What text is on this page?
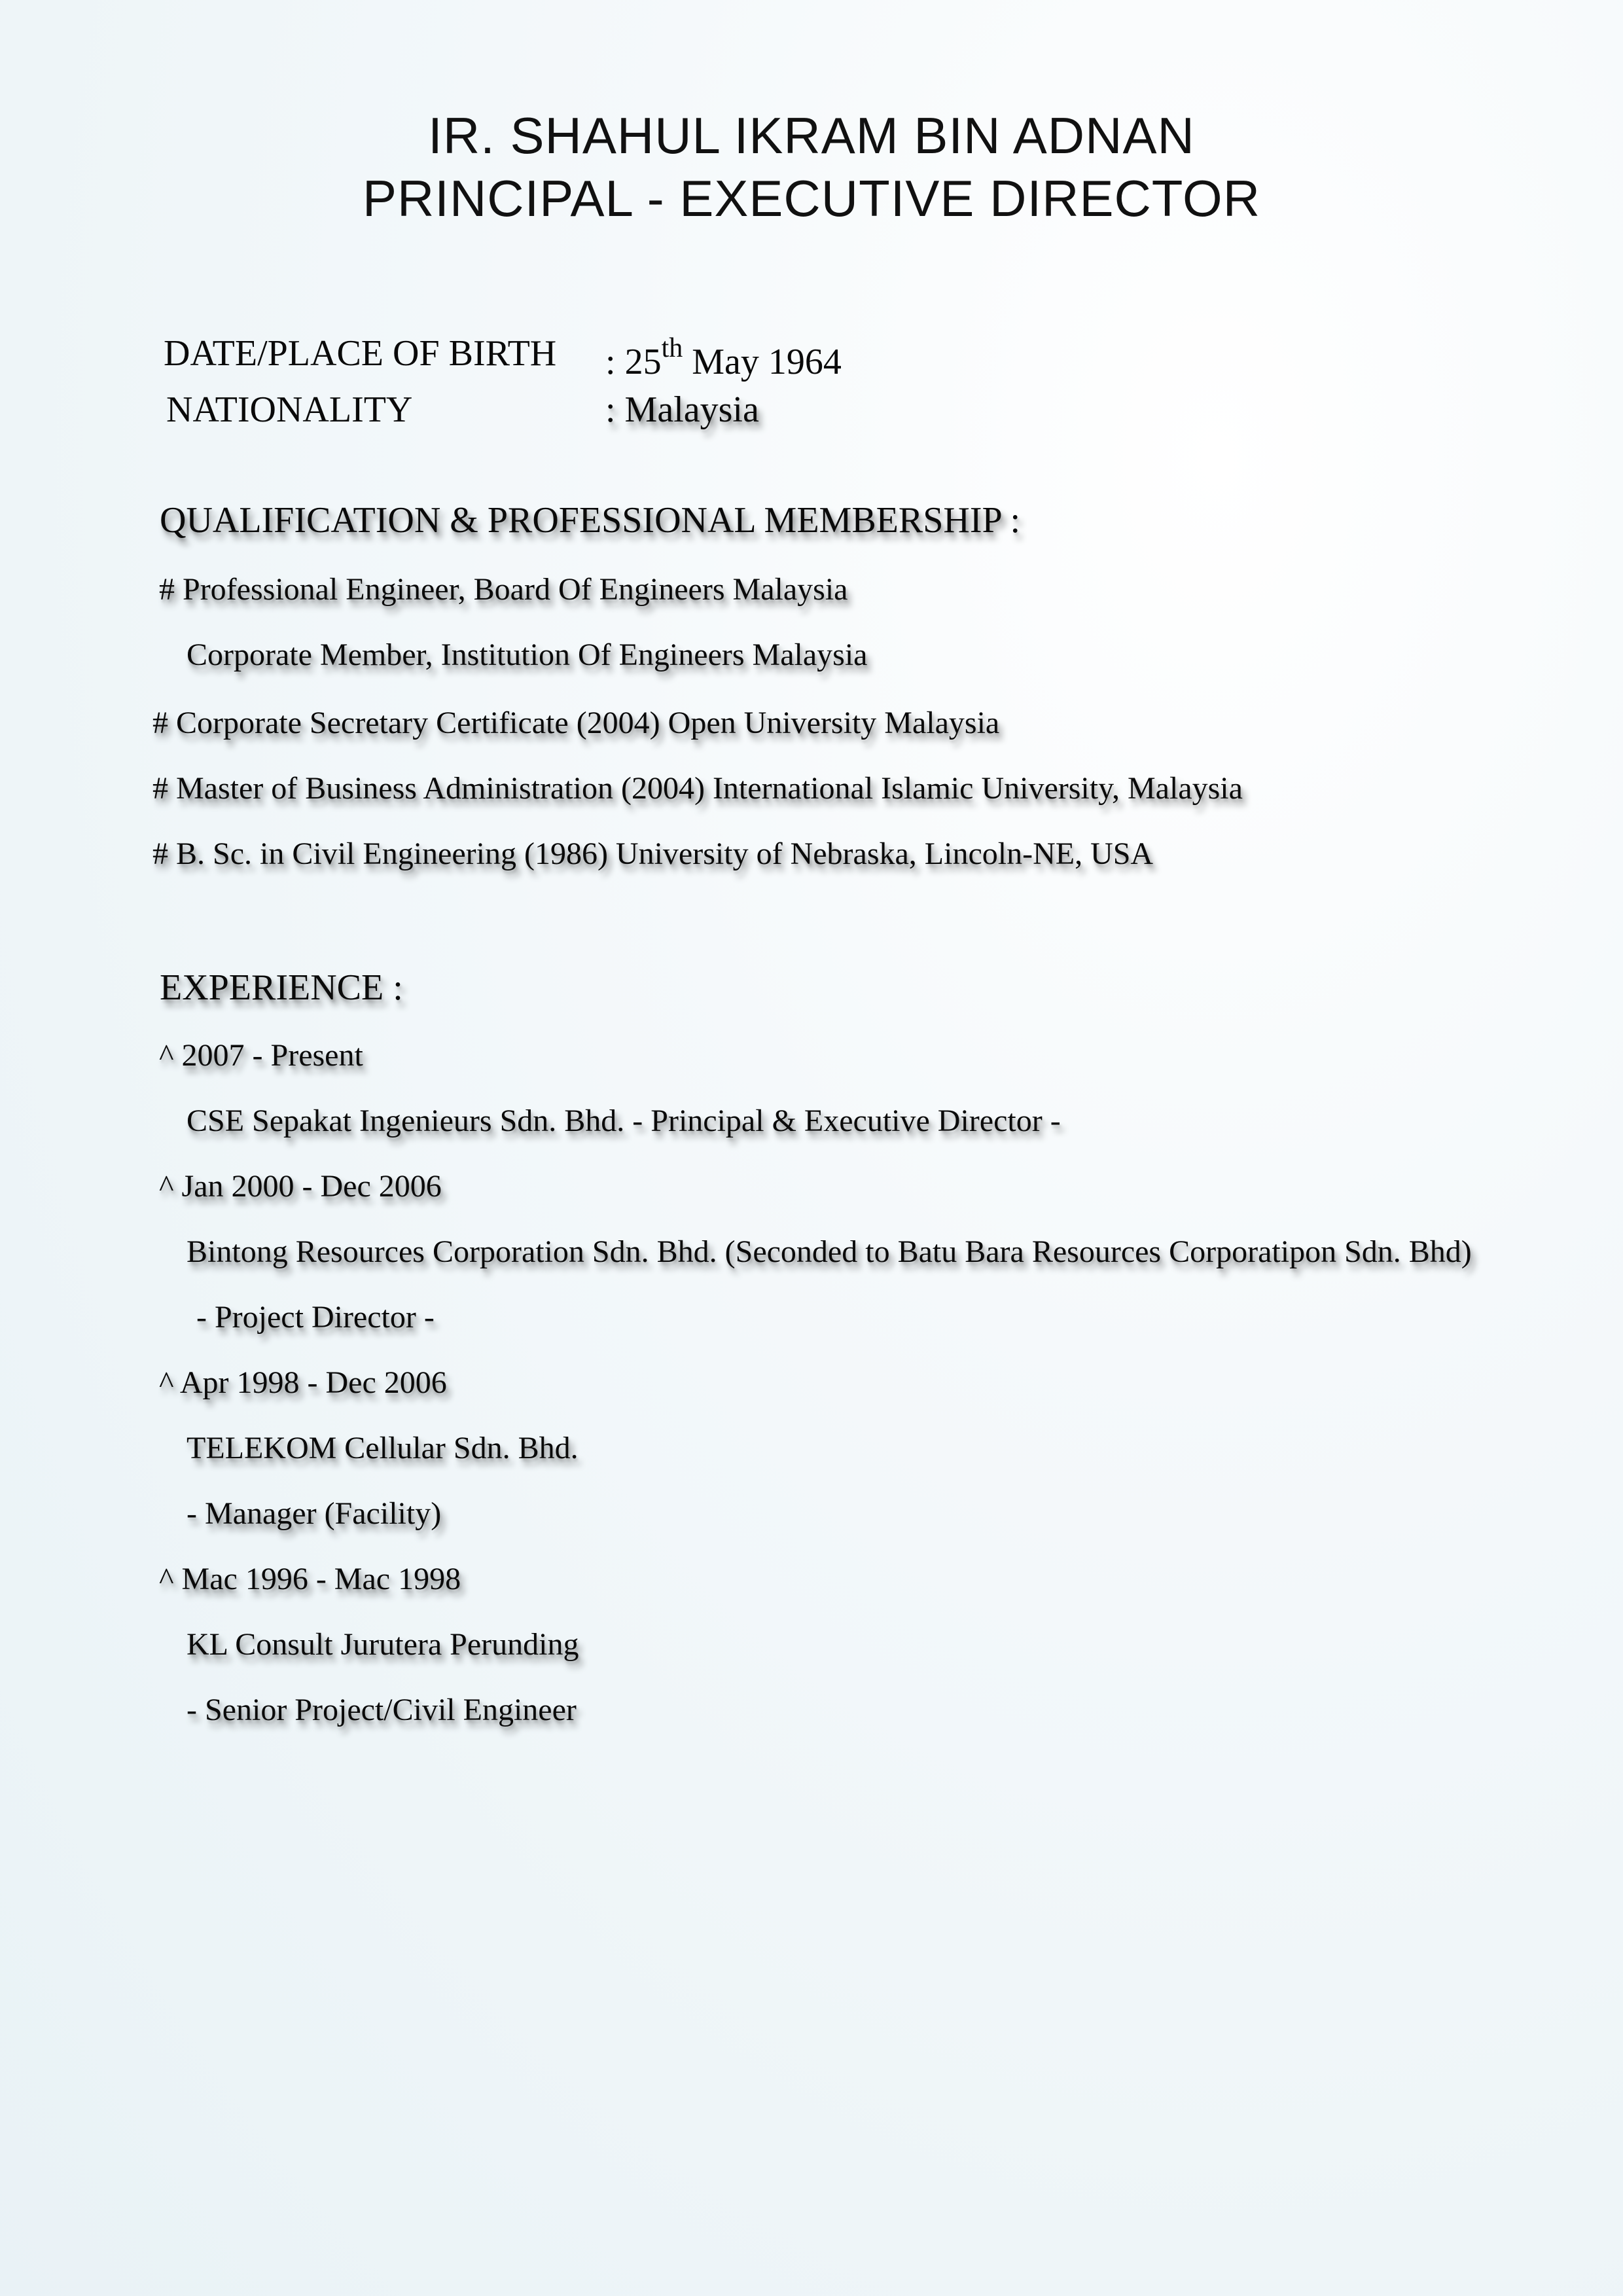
IR. SHAHUL IKRAM BIN ADNAN
PRINCIPAL - EXECUTIVE DIRECTOR
DATE/PLACE OF BIRTH : 25th May 1964
NATIONALITY	: Malaysia
QUALIFICATION & PROFESSIONAL MEMBERSHIP :
# Professional Engineer, Board Of Engineers Malaysia
Corporate Member, Institution Of Engineers Malaysia
# Corporate Secretary Certificate (2004) Open University Malaysia
# Master of Business Administration (2004) International Islamic University, Malaysia
# B. Sc. in Civil Engineering (1986) University of Nebraska, Lincoln-NE, USA
EXPERIENCE :
^ 2007 - Present
CSE Sepakat Ingenieurs Sdn. Bhd. - Principal & Executive Director -
^ Jan 2000 - Dec 2006
Bintong Resources Corporation Sdn. Bhd. (Seconded to Batu Bara Resources Corporatipon Sdn. Bhd)
- Project Director -
^ Apr 1998 - Dec 2006
TELEKOM Cellular Sdn. Bhd.
- Manager (Facility)
^ Mac 1996 - Mac 1998
KL Consult Jurutera Perunding
- Senior Project/Civil Engineer
